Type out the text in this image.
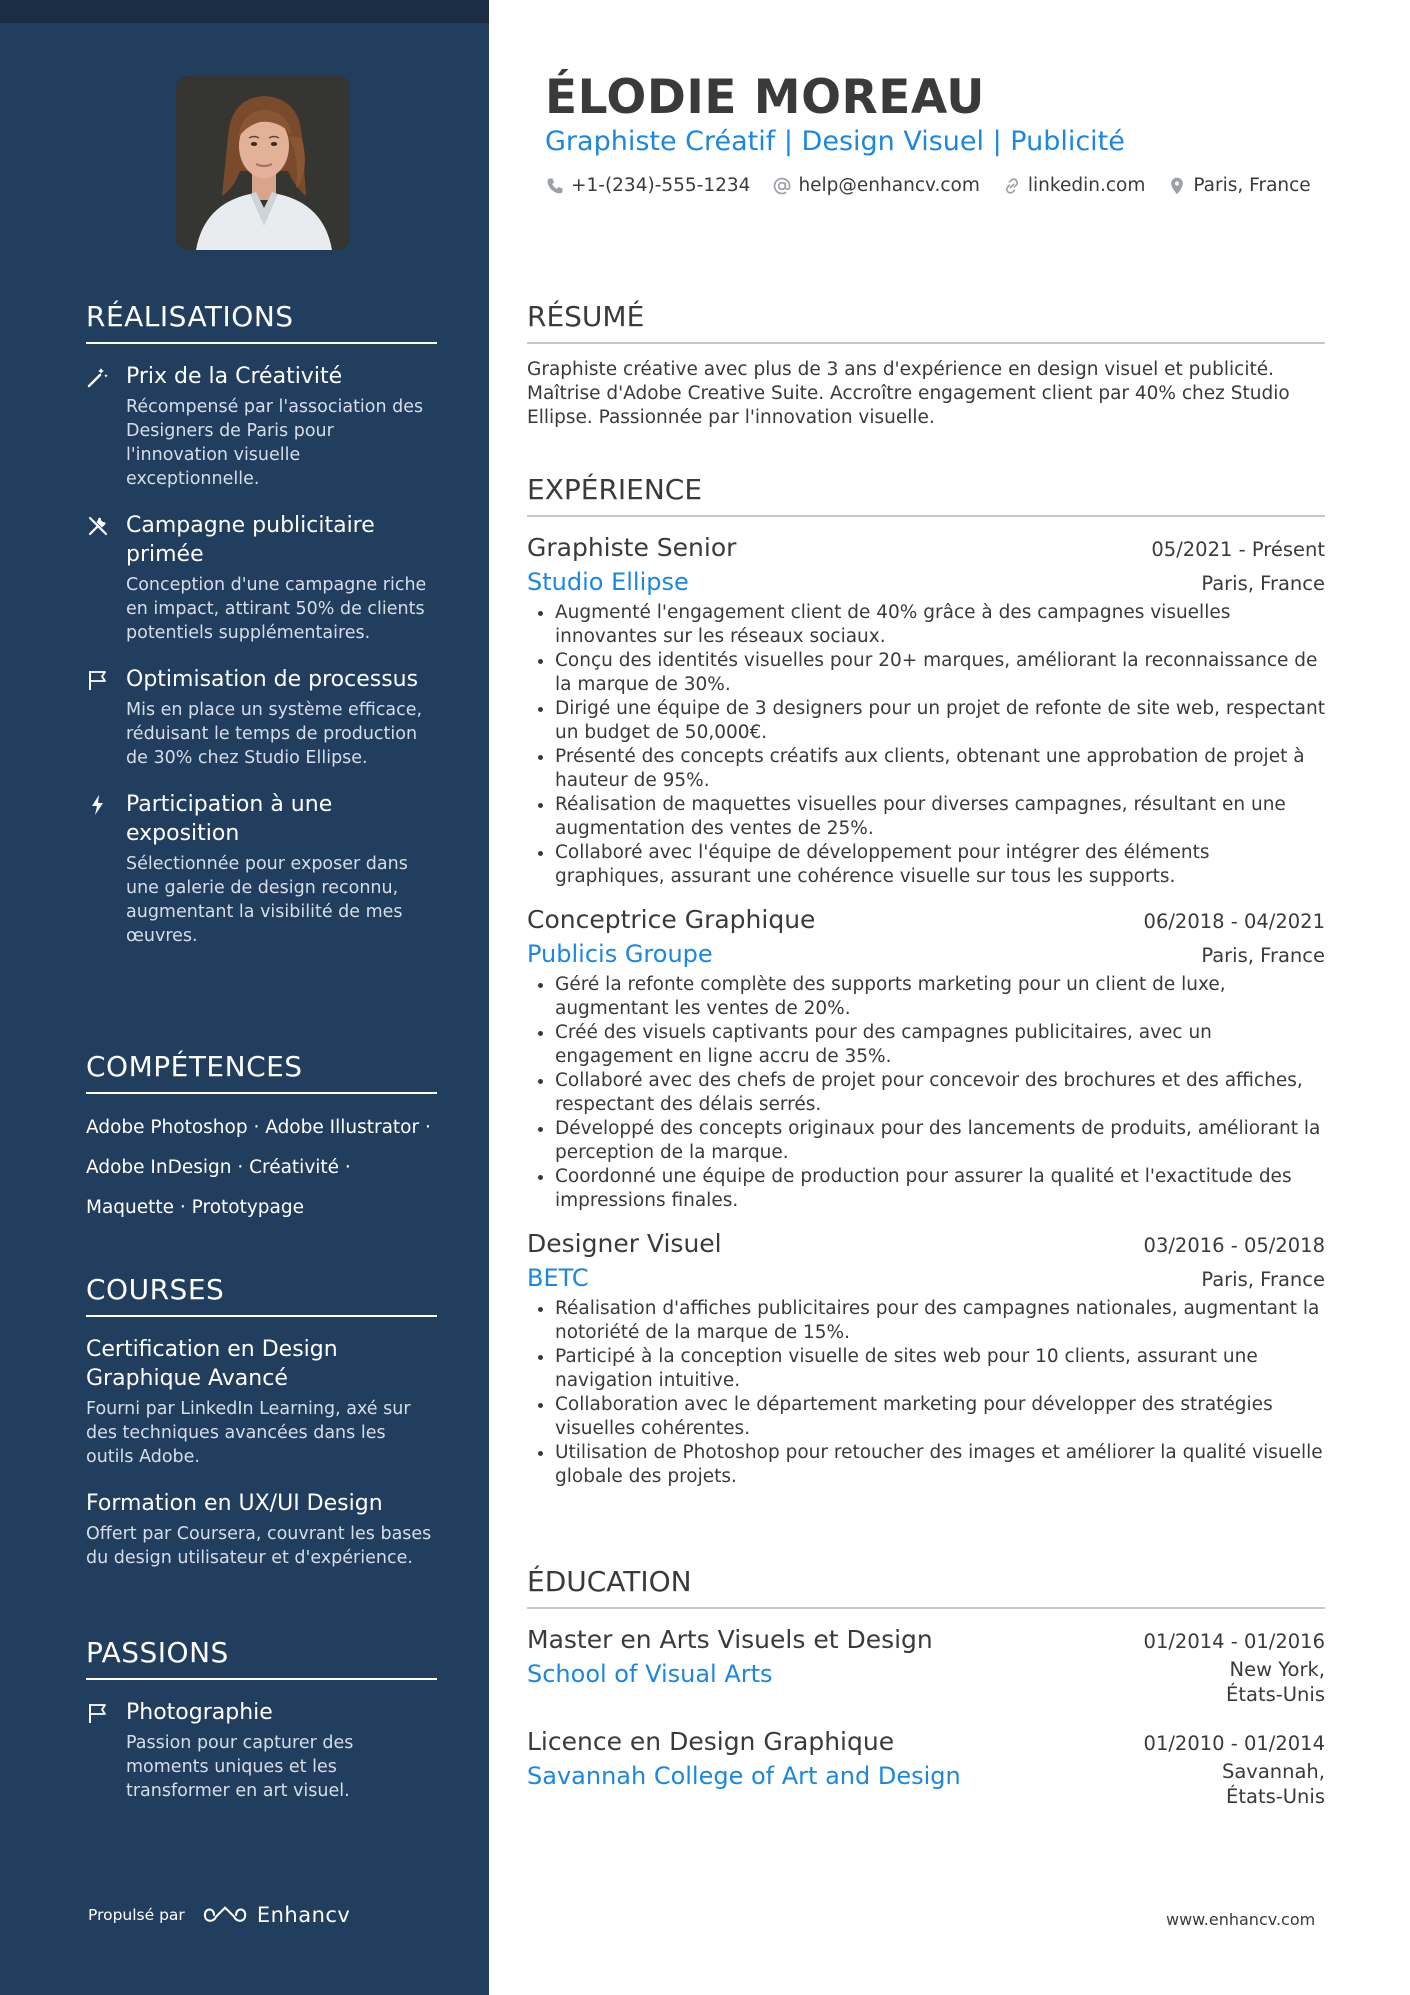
RÉALISATIONS
Prix de la Créativité
Récompensé par l'association des Designers de Paris pour l'innovation visuelle exceptionnelle.
Campagne publicitaire primée
Conception d'une campagne riche en impact, attirant 50% de clients potentiels supplémentaires.
Optimisation de processus
Mis en place un système efficace, réduisant le temps de production de 30% chez Studio Ellipse.
Participation à une exposition
Sélectionnée pour exposer dans une galerie de design reconnu, augmentant la visibilité de mes œuvres.
COMPÉTENCES
Adobe Photoshop · Adobe Illustrator ·
Adobe InDesign · Créativité ·
Maquette · Prototypage
COURSES
Certification en Design Graphique Avancé
Fourni par LinkedIn Learning, axé sur des techniques avancées dans les outils Adobe.
Formation en UX/UI Design
Offert par Coursera, couvrant les bases du design utilisateur et d'expérience.
PASSIONS
Photographie
Passion pour capturer des moments uniques et les transformer en art visuel.
Propulsé par	Enhancv
ÉLODIE MOREAU
Graphiste Créatif | Design Visuel | Publicité
+1-(234)-555-1234	help@enhancv.com	linkedin.com	Paris, France
RÉSUMÉ
Graphiste créative avec plus de 3 ans d'expérience en design visuel et publicité. Maîtrise d'Adobe Creative Suite. Accroître engagement client par 40% chez Studio Ellipse. Passionnée par l'innovation visuelle.
EXPÉRIENCE
Graphiste Senior	05/2021 - Présent
Studio Ellipse	Paris, France
• Augmenté l'engagement client de 40% grâce à des campagnes visuelles innovantes sur les réseaux sociaux.
• Conçu des identités visuelles pour 20+ marques, améliorant la reconnaissance de la marque de 30%.
• Dirigé une équipe de 3 designers pour un projet de refonte de site web, respectant un budget de 50,000€.
• Présenté des concepts créatifs aux clients, obtenant une approbation de projet à hauteur de 95%.
• Réalisation de maquettes visuelles pour diverses campagnes, résultant en une augmentation des ventes de 25%.
• Collaboré avec l'équipe de développement pour intégrer des éléments graphiques, assurant une cohérence visuelle sur tous les supports.
Conceptrice Graphique	06/2018 - 04/2021
Publicis Groupe	Paris, France
• Géré la refonte complète des supports marketing pour un client de luxe, augmentant les ventes de 20%.
• Créé des visuels captivants pour des campagnes publicitaires, avec un engagement en ligne accru de 35%.
• Collaboré avec des chefs de projet pour concevoir des brochures et des affiches, respectant des délais serrés.
• Développé des concepts originaux pour des lancements de produits, améliorant la perception de la marque.
• Coordonné une équipe de production pour assurer la qualité et l'exactitude des impressions finales.
Designer Visuel	03/2016 - 05/2018
BETC	Paris, France
• Réalisation d'affiches publicitaires pour des campagnes nationales, augmentant la notoriété de la marque de 15%.
• Participé à la conception visuelle de sites web pour 10 clients, assurant une navigation intuitive.
• Collaboration avec le département marketing pour développer des stratégies visuelles cohérentes.
• Utilisation de Photoshop pour retoucher des images et améliorer la qualité visuelle globale des projets.
ÉDUCATION
Master en Arts Visuels et Design	01/2014 - 01/2016
School of Visual Arts	New York, États-Unis
Licence en Design Graphique	01/2010 - 01/2014
Savannah College of Art and Design	Savannah, États-Unis
www.enhancv.com
